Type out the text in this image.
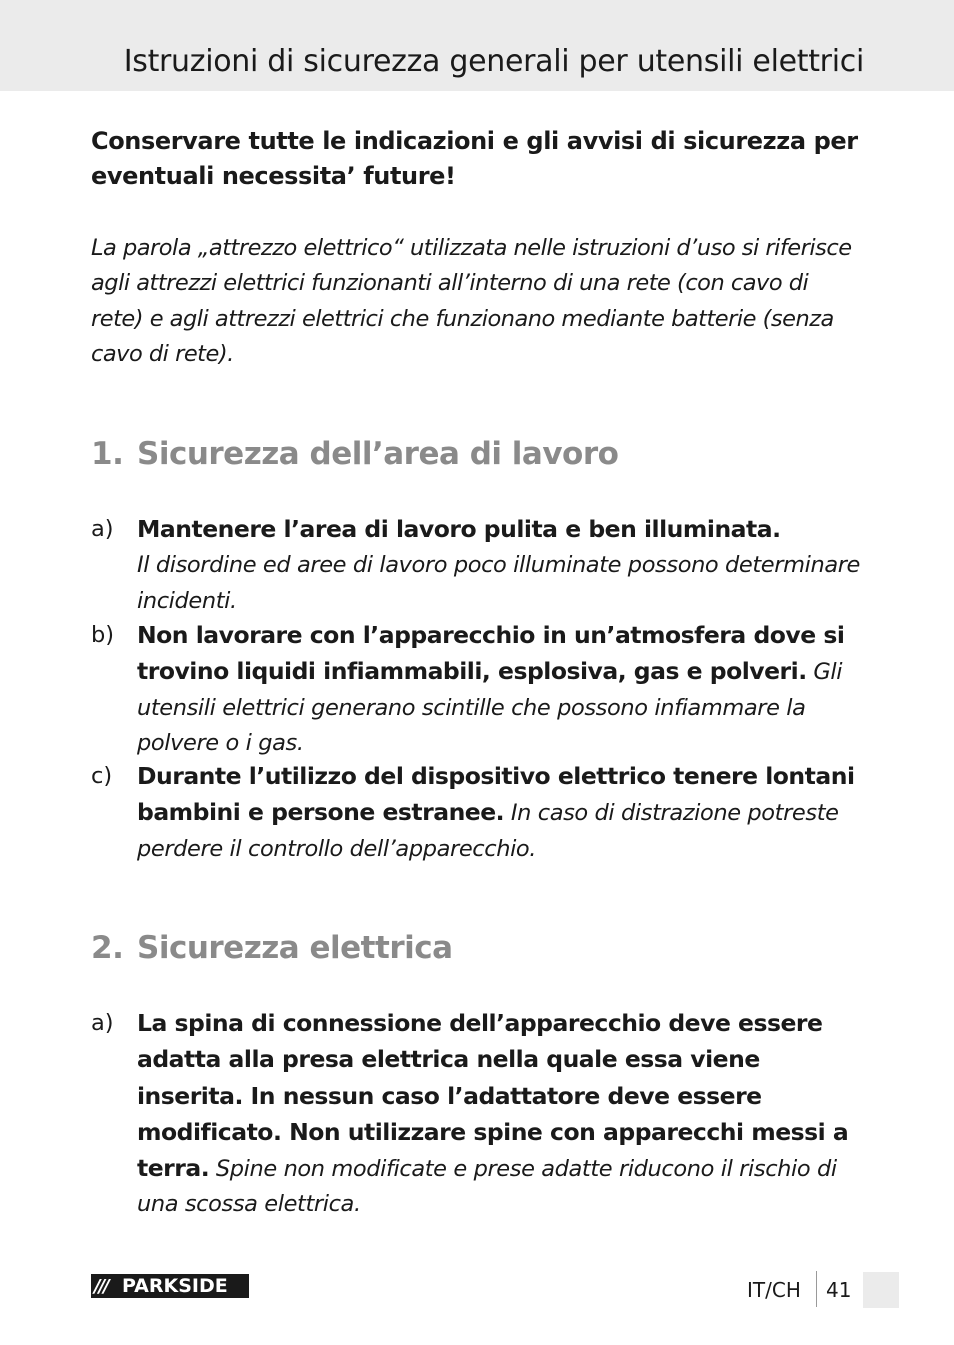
Istruzioni di sicurezza generali per utensili elettrici
Conservare tutte le indicazioni e gli avvisi di sicurezza per eventuali necessita’ future!
La parola „attrezzo elettrico“ utilizzata nelle istruzioni d’uso si riferisce agli attrezzi elettrici funzionanti all’interno di una rete (con cavo di rete) e agli attrezzi elettrici che funzionano mediante batterie (senza cavo di rete).
1. Sicurezza dell’area di lavoro
a) Mantenere l’area di lavoro pulita e ben illuminata.
Il disordine ed aree di lavoro poco illuminate possono determinare incidenti.
b) Non lavorare con l’apparecchio in un’atmosfera dove si trovino liquidi infiammabili, esplosiva, gas e polveri. Gli utensili elettrici generano scintille che possono infiammare la polvere o i gas.
c) Durante l’utilizzo del dispositivo elettrico tenere lontani bambini e persone estranee. In caso di distrazione potreste perdere il controllo dell’apparecchio.
2. Sicurezza elettrica
a) La spina di connessione dell’apparecchio deve essere adatta alla presa elettrica nella quale essa viene inserita. In nessun caso l’adattatore deve essere modificato. Non utilizzare spine con apparecchi messi a terra. Spine non modificate e prese adatte riducono il rischio di una scossa elettrica.
/// PARKSIDE	IT/CH 41
